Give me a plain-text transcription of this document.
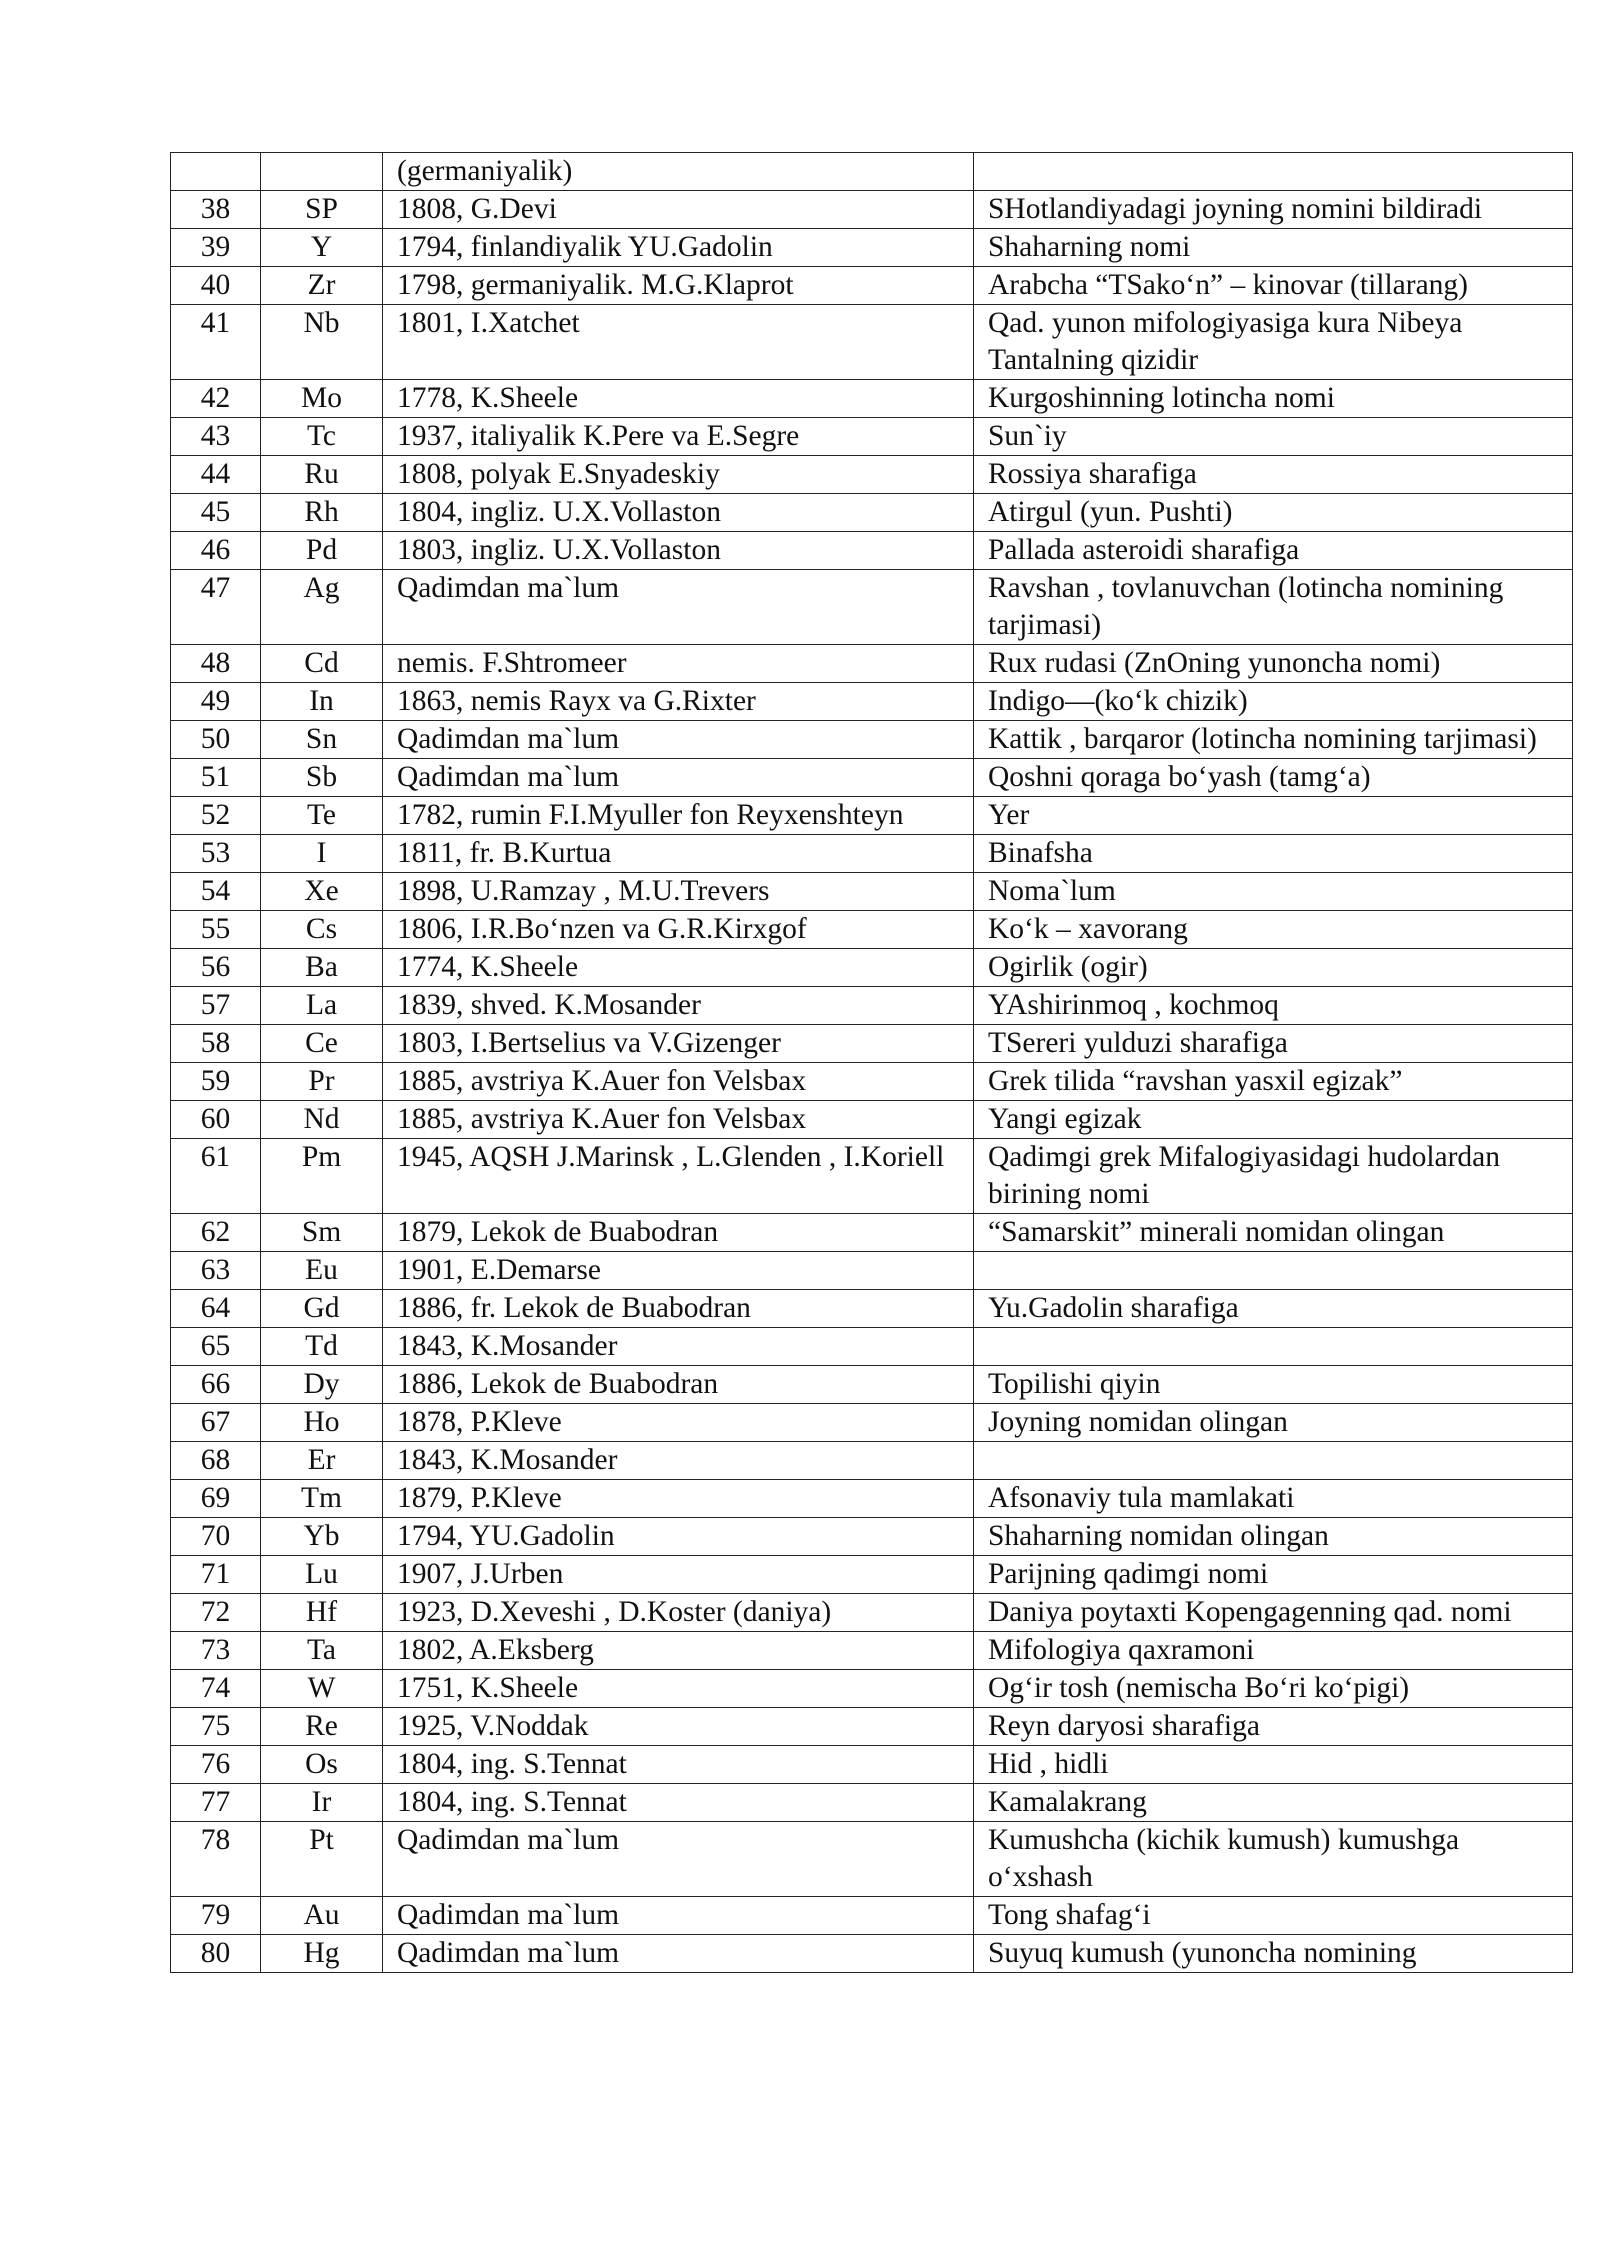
		(germaniyalik)	
38	SP	1808, G.Devi	SHotlandiyadagi joyning nomini bildiradi
39	Y	1794, finlandiyalik YU.Gadolin	Shaharning nomi
40	Zr	1798, germaniyalik. M.G.Klaprot	Arabcha “TSako‘n” – kinovar (tillarang)
41	Nb	1801, I.Xatchet	Qad. yunon mifologiyasiga kura Nibeya Tantalning qizidir
42	Mo	1778, K.Sheele	Kurgoshinning lotincha nomi
43	Tc	1937, italiyalik K.Pere va E.Segre	Sun`iy
44	Ru	1808, polyak E.Snyadeskiy	Rossiya sharafiga
45	Rh	1804, ingliz. U.X.Vollaston	Atirgul (yun. Pushti)
46	Pd	1803, ingliz. U.X.Vollaston	Pallada asteroidi sharafiga
47	Ag	Qadimdan ma`lum	Ravshan , tovlanuvchan (lotincha nomining tarjimasi)
48	Cd	nemis. F.Shtromeer	Rux rudasi (ZnOning yunoncha nomi)
49	In	1863, nemis Rayx va G.Rixter	Indigo—(ko‘k chizik)
50	Sn	Qadimdan ma`lum	Kattik , barqaror (lotincha nomining tarjimasi)
51	Sb	Qadimdan ma`lum	Qoshni qoraga bo‘yash (tamg‘a)
52	Te	1782, rumin F.I.Myuller fon Reyxenshteyn	Yer
53	I	1811, fr. B.Kurtua	Binafsha
54	Xe	1898, U.Ramzay , M.U.Trevers	Noma`lum
55	Cs	1806, I.R.Bo‘nzen va G.R.Kirxgof	Ko‘k – xavorang
56	Ba	1774, K.Sheele	Ogirlik (ogir)
57	La	1839, shved. K.Mosander	YAshirinmoq , kochmoq
58	Ce	1803, I.Bertselius va V.Gizenger	TSereri yulduzi sharafiga
59	Pr	1885, avstriya K.Auer fon Velsbax	Grek tilida “ravshan yasxil egizak”
60	Nd	1885, avstriya K.Auer fon Velsbax	Yangi egizak
61	Pm	1945, AQSH J.Marinsk , L.Glenden , I.Koriell	Qadimgi grek Mifalogiyasidagi hudolardan birining nomi
62	Sm	1879, Lekok de Buabodran	“Samarskit” minerali nomidan olingan
63	Eu	1901, E.Demarse	
64	Gd	1886, fr. Lekok de Buabodran	Yu.Gadolin sharafiga
65	Td	1843, K.Mosander	
66	Dy	1886, Lekok de Buabodran	Topilishi qiyin
67	Ho	1878, P.Kleve	Joyning nomidan olingan
68	Er	1843, K.Mosander	
69	Tm	1879, P.Kleve	Afsonaviy tula mamlakati
70	Yb	1794, YU.Gadolin	Shaharning nomidan olingan
71	Lu	1907, J.Urben	Parijning qadimgi nomi
72	Hf	1923, D.Xeveshi , D.Koster (daniya)	Daniya poytaxti Kopengagenning qad. nomi
73	Ta	1802, A.Eksberg	Mifologiya qaxramoni
74	W	1751, K.Sheele	Og‘ir tosh (nemischa Bo‘ri ko‘pigi)
75	Re	1925, V.Noddak	Reyn daryosi sharafiga
76	Os	1804, ing. S.Tennat	Hid , hidli
77	Ir	1804, ing. S.Tennat	Kamalakrang
78	Pt	Qadimdan ma`lum	Kumushcha (kichik kumush) kumushga o‘xshash
79	Au	Qadimdan ma`lum	Tong shafag‘i
80	Hg	Qadimdan ma`lum	Suyuq kumush (yunoncha nomining
